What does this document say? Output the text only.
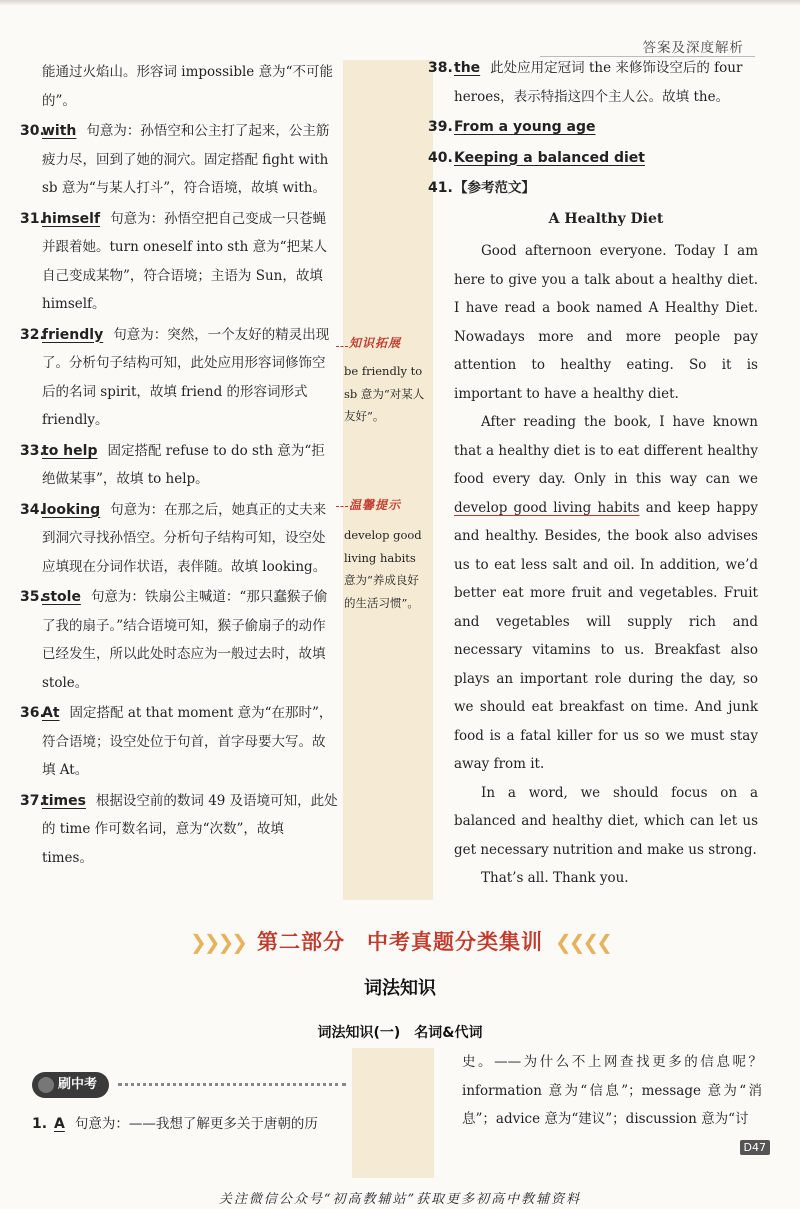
答案及深度解析
能通过火焰山。形容词 impossible 意为“不可能的”。
30.
with 句意为：孙悟空和公主打了起来，公主筋疲力尽，回到了她的洞穴。固定搭配 fight with sb 意为“与某人打斗”，符合语境，故填 with。
31.
himself 句意为：孙悟空把自己变成一只苍蝇并跟着她。turn oneself into sth 意为“把某人自己变成某物”，符合语境；主语为 Sun，故填 himself。
32.
friendly 句意为：突然，一个友好的精灵出现了。分析句子结构可知，此处应用形容词修饰空后的名词 spirit，故填 friend 的形容词形式 friendly。
33.
to help 固定搭配 refuse to do sth 意为“拒绝做某事”，故填 to help。
34.
looking 句意为：在那之后，她真正的丈夫来到洞穴寻找孙悟空。分析句子结构可知，设空处应填现在分词作状语，表伴随。故填 looking。
35.
stole 句意为：铁扇公主喊道：“那只蠢猴子偷了我的扇子。”结合语境可知，猴子偷扇子的动作已经发生，所以此处时态应为一般过去时，故填 stole。
36.
At 固定搭配 at that moment 意为“在那时”，符合语境；设空处位于句首，首字母要大写。故填 At。
37.
times 根据设空前的数词 49 及语境可知，此处的 time 作可数名词，意为“次数”，故填 times。
知识拓展
be friendly to sb 意为“对某人友好”。
温馨提示
develop good living habits 意为“养成良好的生活习惯”。
38. the 此处应用定冠词 the 来修饰设空后的 four heroes，表示特指这四个主人公。故填 the。
39. From a young age
40. Keeping a balanced diet
41. 【参考范文】
A Healthy Diet

Good afternoon everyone. Today I am here to give you a talk about a healthy diet. I have read a book named A Healthy Diet. Nowadays more and more people pay attention to healthy eating. So it is important to have a healthy diet.

After reading the book, I have known that a healthy diet is to eat different healthy food every day. Only in this way can we develop good living habits and keep happy and healthy. Besides, the book also advises us to eat less salt and oil. In addition, we’d better eat more fruit and vegetables. Fruit and vegetables will supply rich and necessary vitamins to us. Breakfast also plays an important role during the day, so we should eat breakfast on time. And junk food is a fatal killer for us so we must stay away from it.

In a word, we should focus on a balanced and healthy diet, which can let us get necessary nutrition and make us strong.

That’s all. Thank you.

❯❯❯❯ 第二部分　中考真题分类集训 ❮❮❮❮
词法知识
词法知识(一)　名词&代词
刷中考
1. A 句意为：——我想了解更多关于唐朝的历
史。——为什么不上网查找更多的信息呢？information 意为“信息”；message 意为“消息”；advice 意为“建议”；discussion 意为“讨
D47
关注微信公众号“初高教辅站”获取更多初高中教辅资料
